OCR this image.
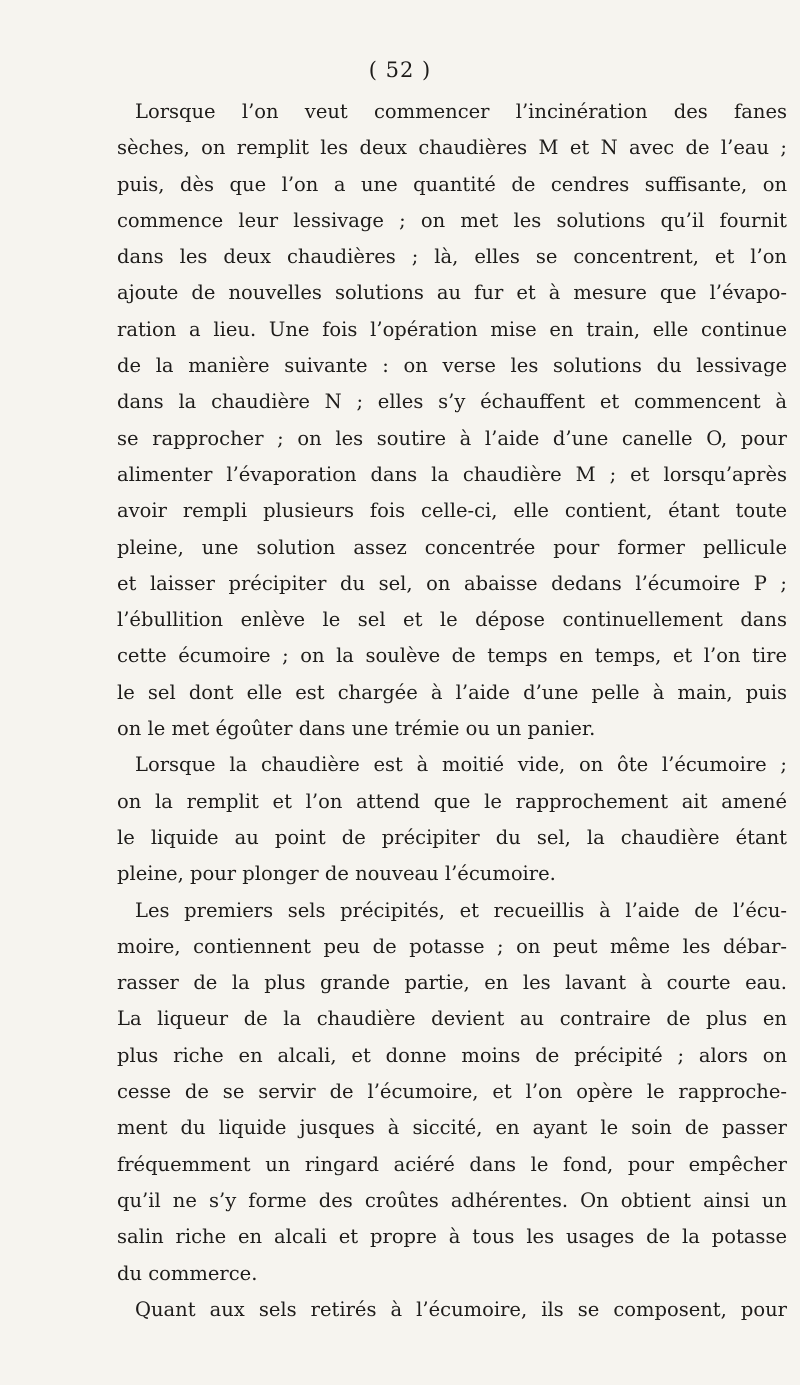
( 52 )
Lorsque l’on veut commencer l’incinération des fanes
sèches, on remplit les deux chaudières M et N avec de l’eau ;
puis, dès que l’on a une quantité de cendres suffisante, on
commence leur lessivage ; on met les solutions qu’il fournit
dans les deux chaudières ; là, elles se concentrent, et l’on
ajoute de nouvelles solutions au fur et à mesure que l’évapo-
ration a lieu. Une fois l’opération mise en train, elle continue
de la manière suivante : on verse les solutions du lessivage
dans la chaudière N ; elles s’y échauffent et commencent à
se rapprocher ; on les soutire à l’aide d’une canelle O, pour
alimenter l’évaporation dans la chaudière M ; et lorsqu’après
avoir rempli plusieurs fois celle-ci, elle contient, étant toute
pleine, une solution assez concentrée pour former pellicule
et laisser précipiter du sel, on abaisse dedans l’écumoire P ;
l’ébullition enlève le sel et le dépose continuellement dans
cette écumoire ; on la soulève de temps en temps, et l’on tire
le sel dont elle est chargée à l’aide d’une pelle à main, puis
on le met égoûter dans une trémie ou un panier.
Lorsque la chaudière est à moitié vide, on ôte l’écumoire ;
on la remplit et l’on attend que le rapprochement ait amené
le liquide au point de précipiter du sel, la chaudière étant
pleine, pour plonger de nouveau l’écumoire.
Les premiers sels précipités, et recueillis à l’aide de l’écu-
moire, contiennent peu de potasse ; on peut même les débar-
rasser de la plus grande partie, en les lavant à courte eau.
La liqueur de la chaudière devient au contraire de plus en
plus riche en alcali, et donne moins de précipité ; alors on
cesse de se servir de l’écumoire, et l’on opère le rapproche-
ment du liquide jusques à siccité, en ayant le soin de passer
fréquemment un ringard aciéré dans le fond, pour empêcher
qu’il ne s’y forme des croûtes adhérentes. On obtient ainsi un
salin riche en alcali et propre à tous les usages de la potasse
du commerce.
Quant aux sels retirés à l’écumoire, ils se composent, pour
